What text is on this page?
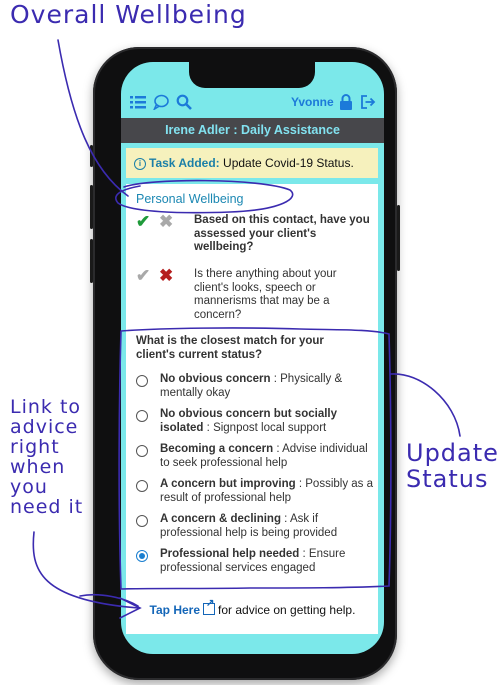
Overall Wellbeing
Link to advice right when you need it
Update Status
Yvonne
Irene Adler : Daily Assistance
i Task Added: Update Covid-19 Status.
Personal Wellbeing
✔ ✖ Based on this contact, have you assessed your client's wellbeing?
✔ ✖ Is there anything about your client's looks, speech or mannerisms that may be a concern?
What is the closest match for your client's current status?
No obvious concern : Physically & mentally okay
No obvious concern but socially isolated : Signpost local support
Becoming a concern : Advise individual to seek professional help
A concern but improving : Possibly as a result of professional help
A concern & declining : Ask if professional help is being provided
Professional help needed : Ensure professional services engaged
Tap Here↗ for advice on getting help.
